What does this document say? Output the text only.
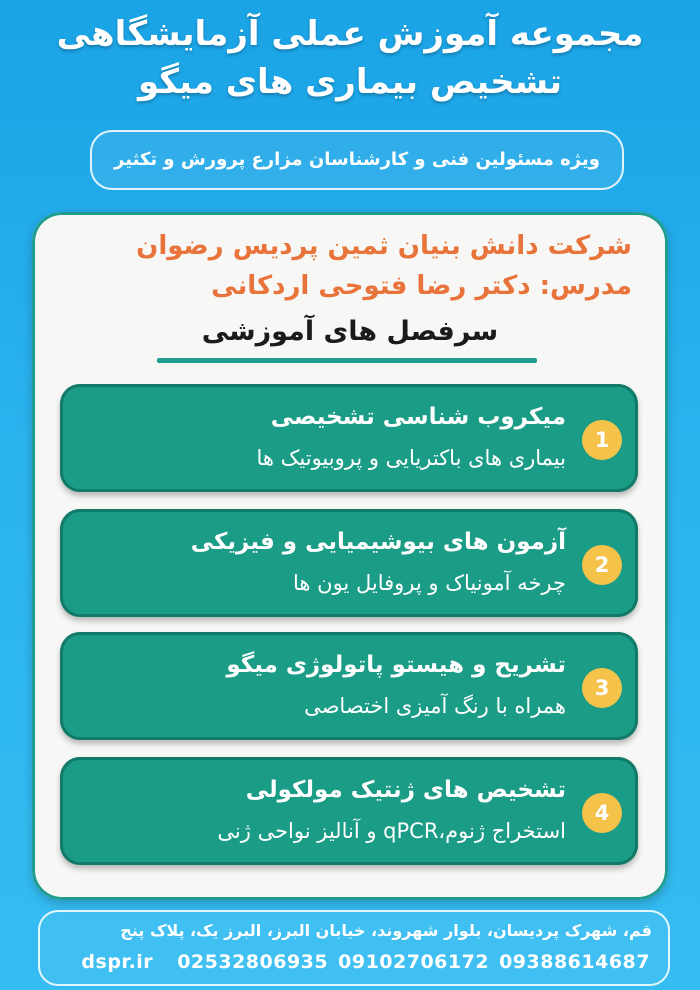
مجموعه آموزش عملی آزمایشگاهی
تشخیص بیماری های میگو
ویژه مسئولین فنی و کارشناسان مزارع پرورش و تکثیر
شرکت دانش بنیان ثمین پردیس رضوان
مدرس: دکتر رضا فتوحی اردکانی
سرفصل های آموزشی
1
میکروب شناسی تشخیصی
بیماری های باکتریایی و پروبیوتیک ها
2
آزمون های بیوشیمیایی و فیزیکی
چرخه آمونیاک و پروفایل یون ها
3
تشریح و هیستو پاتولوژی میگو
همراه با رنگ آمیزی اختصاصی
4
تشخیص های ژنتیک مولکولی
استخراج ژنوم،qPCR و آنالیز نواحی ژنی
قم، شهرک پردیسان، بلوار شهروند، خیابان البرز، البرز یک، پلاک پنج
dspr.ir 02532806935 09102706172 09388614687
